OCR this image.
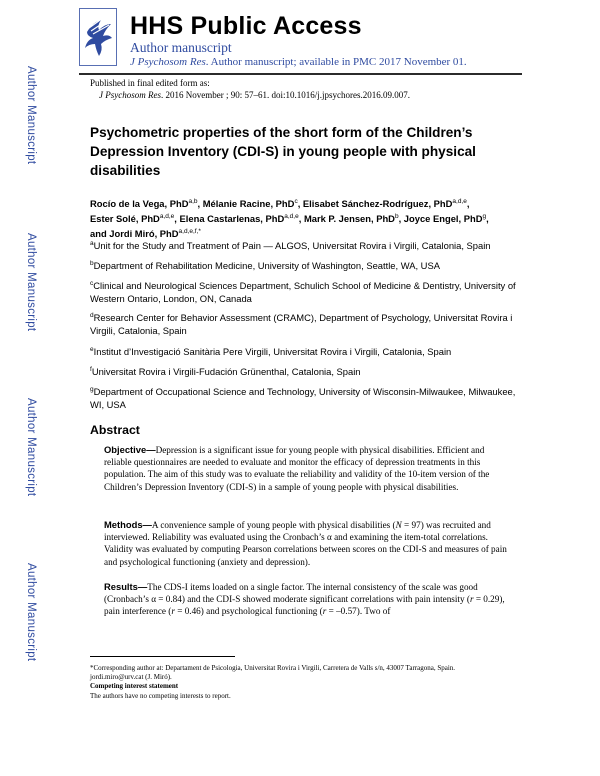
HHS Public Access
Author manuscript
J Psychosom Res. Author manuscript; available in PMC 2017 November 01.
Author Manuscript
Author Manuscript
Author Manuscript
Author Manuscript
Published in final edited form as:
J Psychosom Res. 2016 November ; 90: 57–61. doi:10.1016/j.jpsychores.2016.09.007.
Psychometric properties of the short form of the Children’s Depression Inventory (CDI-S) in young people with physical disabilities
Rocío de la Vega, PhD$^{a,b}$, Mélanie Racine, PhD$^c$, Elisabet Sánchez-Rodríguez, PhD$^{a,d,e}$,
Ester Solé, PhD$^{a,d,e}$, Elena Castarlenas, PhD$^{a,d,e}$, Mark P. Jensen, PhD$^b$, Joyce Engel, PhD$^g$,
and Jordi Miró, PhD$^{a,d,e,f,*}$
$^a$Unit for the Study and Treatment of Pain — ALGOS, Universitat Rovira i Virgili, Catalonia, Spain
$^b$Department of Rehabilitation Medicine, University of Washington, Seattle, WA, USA
$^c$Clinical and Neurological Sciences Department, Schulich School of Medicine & Dentistry, University of Western Ontario, London, ON, Canada
$^d$Research Center for Behavior Assessment (CRAMC), Department of Psychology, Universitat Rovira i Virgili, Catalonia, Spain
$^e$Institut d’Investigació Sanitària Pere Virgili, Universitat Rovira i Virgili, Catalonia, Spain
$^f$Universitat Rovira i Virgili-Fudación Grünenthal, Catalonia, Spain
$^g$Department of Occupational Science and Technology, University of Wisconsin-Milwaukee, Milwaukee, WI, USA
Abstract
Objective—Depression is a significant issue for young people with physical disabilities. Efficient and reliable questionnaires are needed to evaluate and monitor the efficacy of depression treatments in this population. The aim of this study was to evaluate the reliability and validity of the 10-item version of the Children’s Depression Inventory (CDI-S) in a sample of young people with physical disabilities.
Methods—A convenience sample of young people with physical disabilities (N = 97) was recruited and interviewed. Reliability was evaluated using the Cronbach’s α and examining the item-total correlations. Validity was evaluated by computing Pearson correlations between scores on the CDI-S and measures of pain and psychological functioning (anxiety and depression).
Results—The CDS-I items loaded on a single factor. The internal consistency of the scale was good (Cronbach’s α = 0.84) and the CDI-S showed moderate significant correlations with pain intensity (r = 0.29), pain interference (r = 0.46) and psychological functioning (r = –0.57). Two of
*Corresponding author at: Departament de Psicologia, Universitat Rovira i Virgili, Carretera de Valls s/n, 43007 Tarragona, Spain. jordi.miro@urv.cat (J. Miró).
Competing interest statement
The authors have no competing interests to report.
